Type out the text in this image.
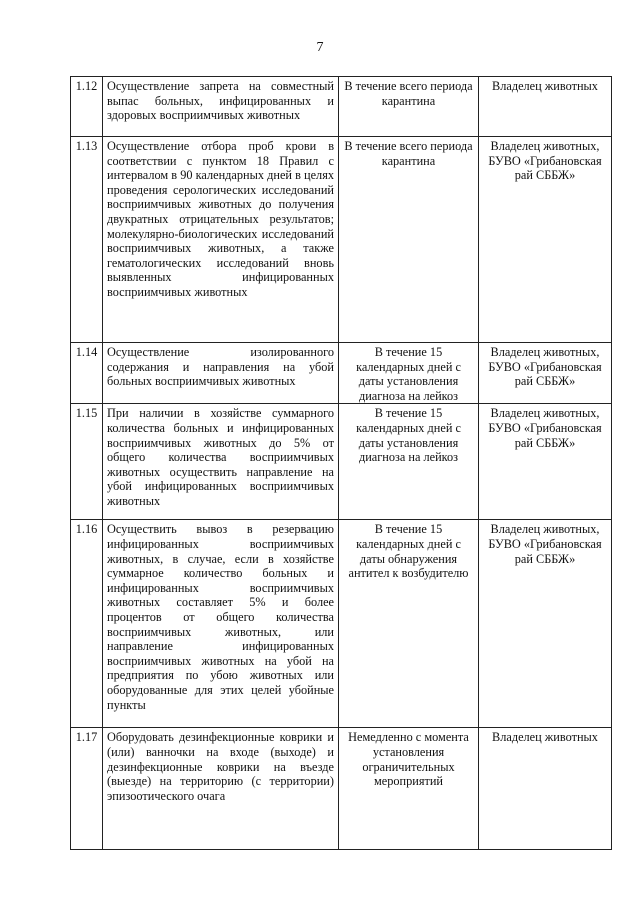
7
1.12	Осуществление запрета на совместный выпас больных, инфицированных и здоровых восприимчивых животных	В течение всего периода карантина	Владелец животных
1.13	Осуществление отбора проб крови в соответствии с пунктом 18 Правил с интервалом в 90 календарных дней в целях проведения серологических исследований восприимчивых животных до получения двукратных отрицательных результатов; молекулярно-биологических исследований восприимчивых животных, а также гематологических исследований вновь выявленных инфицированных восприимчивых животных	В течение всего периода карантина	Владелец животных, БУВО «Грибановская рай СББЖ»
1.14	Осуществление изолированного содержания и направления на убой больных восприимчивых животных	В течение 15 календарных дней с даты установления диагноза на лейкоз	Владелец животных, БУВО «Грибановская рай СББЖ»
1.15	При наличии в хозяйстве суммарного количества больных и инфицированных восприимчивых животных до 5% от общего количества восприимчивых животных осуществить направление на убой инфицированных восприимчивых животных	В течение 15 календарных дней с даты установления диагноза на лейкоз	Владелец животных, БУВО «Грибановская рай СББЖ»
1.16	Осуществить вывоз в резервацию инфицированных восприимчивых животных, в случае, если в хозяйстве суммарное количество больных и инфицированных восприимчивых животных составляет 5% и более процентов от общего количества восприимчивых животных, или направление инфицированных восприимчивых животных на убой на предприятия по убою животных или оборудованные для этих целей убойные пункты	В течение 15 календарных дней с даты обнаружения антител к возбудителю	Владелец животных, БУВО «Грибановская рай СББЖ»
1.17	Оборудовать дезинфекционные коврики и (или) ванночки на входе (выходе) и дезинфекционные коврики на въезде (выезде) на территорию (с территории) эпизоотического очага	Немедленно с момента установления ограничительных мероприятий	Владелец животных
